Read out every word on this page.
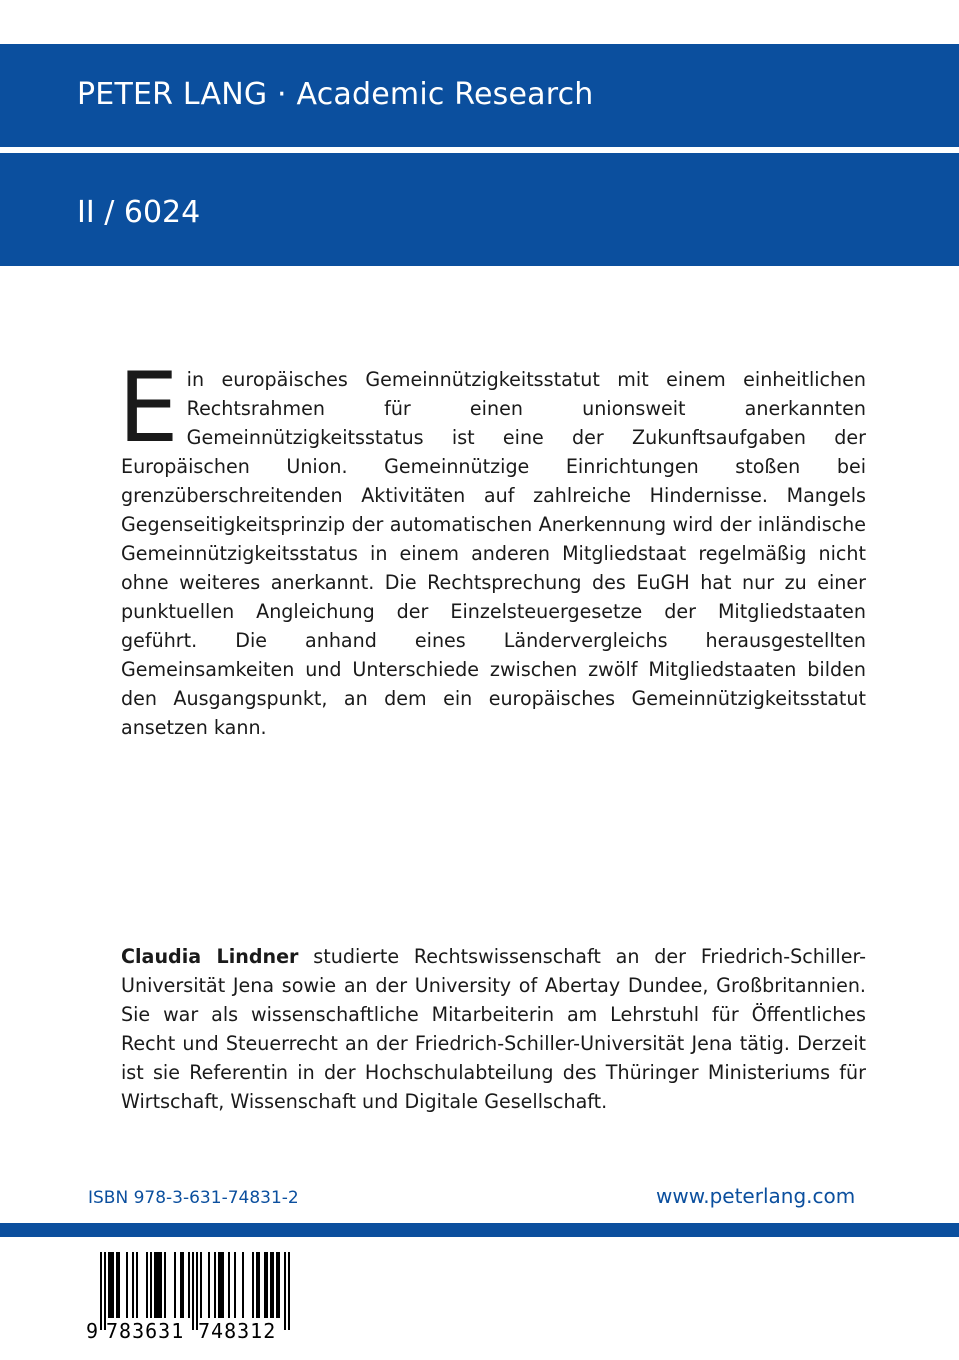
PETER LANG · Academic Research
II / 6024

Ein europäisches Gemeinnützigkeitsstatut mit einem einheitlichen Rechtsrahmen für einen unionsweit anerkannten Gemeinnützigkeitsstatus ist eine der Zukunftsaufgaben der Europäischen Union. Gemeinnützige Einrichtungen stoßen bei grenzüberschreitenden Aktivitäten auf zahlreiche Hindernisse. Mangels Gegenseitigkeitsprinzip der automatischen Anerkennung wird der inländische Gemeinnützigkeitsstatus in einem anderen Mitgliedstaat regelmäßig nicht ohne weiteres anerkannt. Die Rechtsprechung des EuGH hat nur zu einer punktuellen Angleichung der Einzelsteuergesetze der Mitgliedstaaten geführt. Die anhand eines Ländervergleichs herausgestellten Gemeinsamkeiten und Unterschiede zwischen zwölf Mitgliedstaaten bilden den Ausgangspunkt, an dem ein europäisches Gemeinnützigkeitsstatut ansetzen kann.

Claudia Lindner studierte Rechtswissenschaft an der Friedrich-Schiller-Universität Jena sowie an der University of Abertay Dundee, Großbritannien. Sie war als wissenschaftliche Mitarbeiterin am Lehrstuhl für Öffentliches Recht und Steuerrecht an der Friedrich-Schiller-Universität Jena tätig. Derzeit ist sie Referentin in der Hochschulabteilung des Thüringer Ministeriums für Wirtschaft, Wissenschaft und Digitale Gesellschaft.

ISBN 978-3-631-74831-2	www.peterlang.com
9 783631 748312
